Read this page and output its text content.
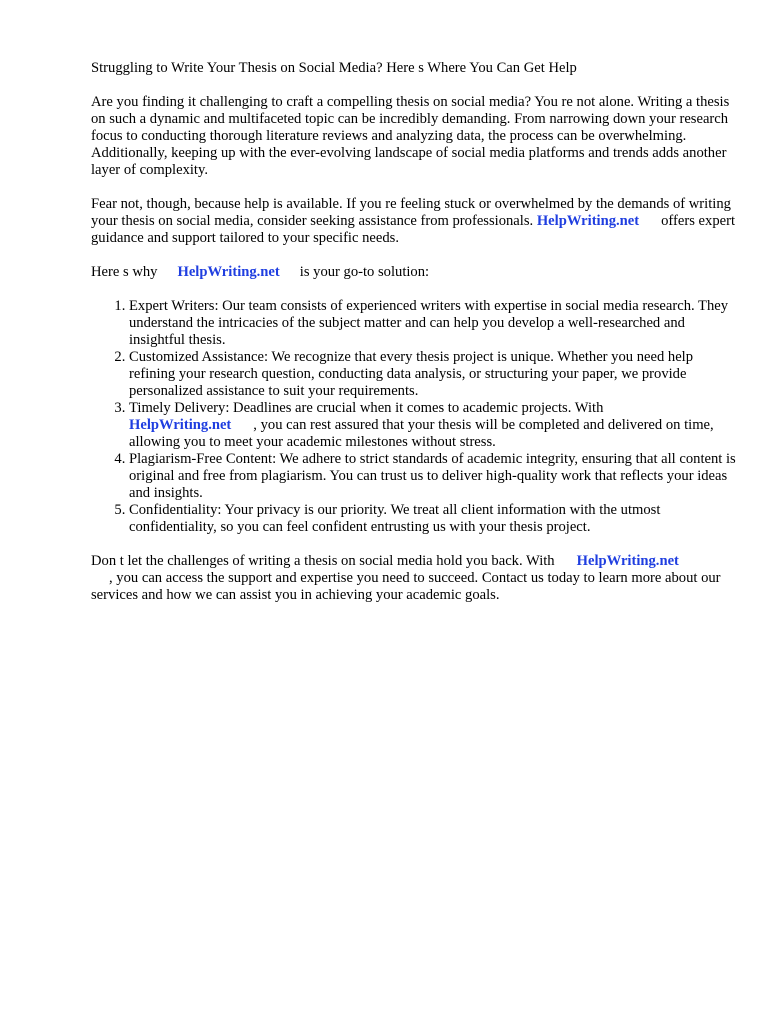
Struggling to Write Your Thesis on Social Media? Here s Where You Can Get Help

Are you finding it challenging to craft a compelling thesis on social media? You re not alone. Writing a thesis on such a dynamic and multifaceted topic can be incredibly demanding. From narrowing down your research focus to conducting thorough literature reviews and analyzing data, the process can be overwhelming. Additionally, keeping up with the ever-evolving landscape of social media platforms and trends adds another layer of complexity.

Fear not, though, because help is available. If you re feeling stuck or overwhelmed by the demands of writing your thesis on social media, consider seeking assistance from professionals. HelpWriting.net offers expert guidance and support tailored to your specific needs.

Here s why HelpWriting.net is your go-to solution:

1. Expert Writers: Our team consists of experienced writers with expertise in social media research. They understand the intricacies of the subject matter and can help you develop a well-researched and insightful thesis.
2. Customized Assistance: We recognize that every thesis project is unique. Whether you need help refining your research question, conducting data analysis, or structuring your paper, we provide personalized assistance to suit your requirements.
3. Timely Delivery: Deadlines are crucial when it comes to academic projects. With
HelpWriting.net , you can rest assured that your thesis will be completed and delivered on time, allowing you to meet your academic milestones without stress.
4. Plagiarism-Free Content: We adhere to strict standards of academic integrity, ensuring that all content is original and free from plagiarism. You can trust us to deliver high-quality work that reflects your ideas and insights.
5. Confidentiality: Your privacy is our priority. We treat all client information with the utmost confidentiality, so you can feel confident entrusting us with your thesis project.

Don t let the challenges of writing a thesis on social media hold you back. With HelpWriting.net
, you can access the support and expertise you need to succeed. Contact us today to learn more about our services and how we can assist you in achieving your academic goals.
